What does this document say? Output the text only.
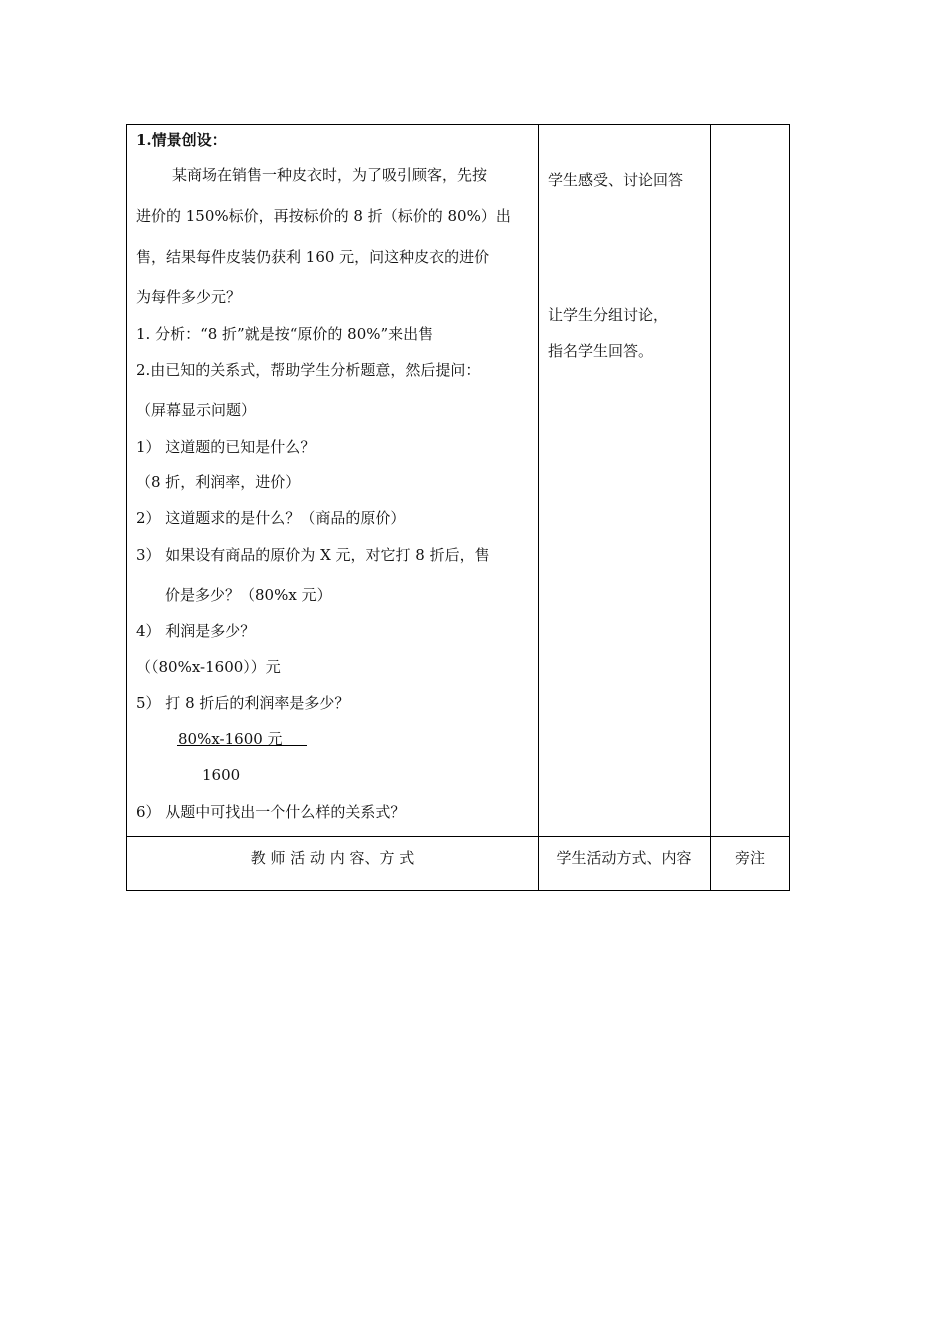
1.情景创设：
某商场在销售一种皮衣时，为了吸引顾客，先按
进价的 150%标价，再按标价的 8 折（标价的 80%）出
售，结果每件皮装仍获利 160 元，问这种皮衣的进价
为每件多少元？
1. 分析：“8 折”就是按“原价的 80%”来出售
2.由已知的关系式，帮助学生分析题意，然后提问：
（屏幕显示问题）
1） 这道题的已知是什么？
（8 折，利润率，进价）
2） 这道题求的是什么？（商品的原价）
3） 如果设有商品的原价为 X 元，对它打 8 折后，售
价是多少？（80%x 元）
4） 利润是多少？
（（80%x-1600））元
5） 打 8 折后的利润率是多少？
80%x-1600 元
1600
6） 从题中可找出一个什么样的关系式？
学生感受、讨论回答
让学生分组讨论，
指名学生回答。
教 师 活 动 内 容、方 式	学生活动方式、内容	旁注
